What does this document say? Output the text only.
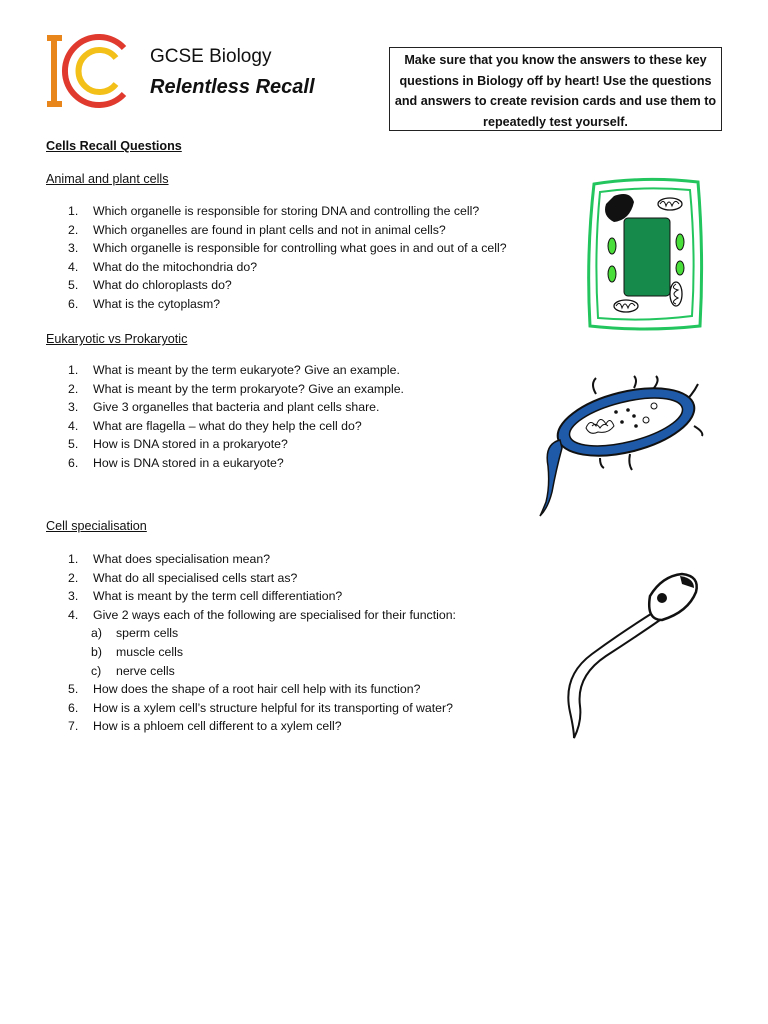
GCSE Biology
Relentless Recall
Make sure that you know the answers to these key questions in Biology off by heart! Use the questions and answers to create revision cards and use them to repeatedly test yourself.
Cells Recall Questions
Animal and plant cells
1. Which organelle is responsible for storing DNA and controlling the cell?
2. Which organelles are found in plant cells and not in animal cells?
3. Which organelle is responsible for controlling what goes in and out of a cell?
4. What do the mitochondria do?
5. What do chloroplasts do?
6. What is the cytoplasm?
Eukaryotic vs Prokaryotic
1. What is meant by the term eukaryote? Give an example.
2. What is meant by the term prokaryote? Give an example.
3. Give 3 organelles that bacteria and plant cells share.
4. What are flagella – what do they help the cell do?
5. How is DNA stored in a prokaryote?
6. How is DNA stored in a eukaryote?
Cell specialisation
1. What does specialisation mean?
2. What do all specialised cells start as?
3. What is meant by the term cell differentiation?
4. Give 2 ways each of the following are specialised for their function:
a) sperm cells
b) muscle cells
c) nerve cells
5. How does the shape of a root hair cell help with its function?
6. How is a xylem cell’s structure helpful for its transporting of water?
7. How is a phloem cell different to a xylem cell?
